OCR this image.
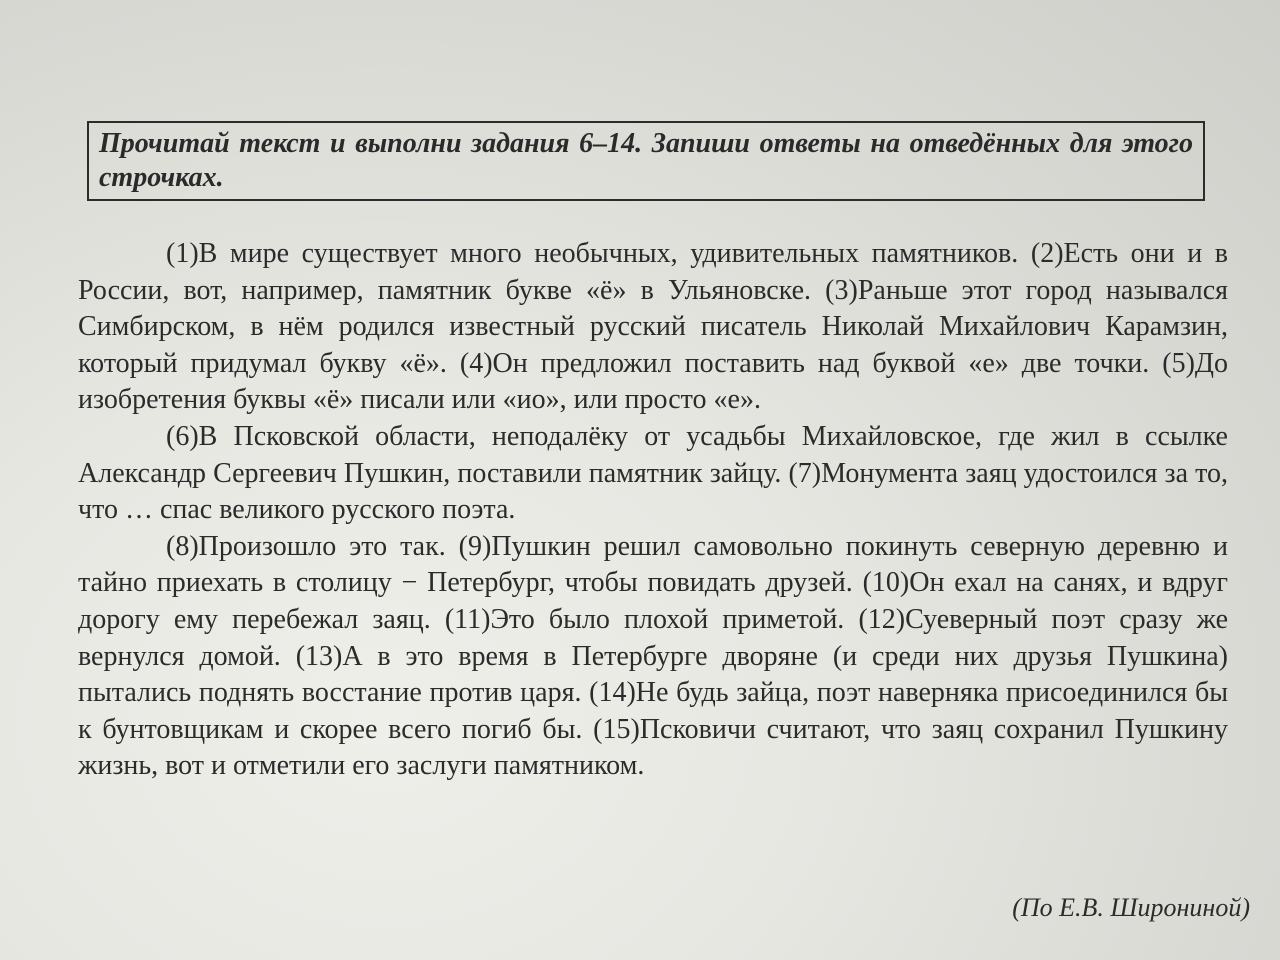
Прочитай текст и выполни задания 6–14. Запиши ответы на отведённых для этого строчках.

(1)В мире существует много необычных, удивительных памятников. (2)Есть они и в России, вот, например, памятник букве «ё» в Ульяновске. (3)Раньше этот город назывался Симбирском, в нём родился известный русский писатель Николай Михайлович Карамзин, который придумал букву «ё». (4)Он предложил поставить над буквой «е» две точки. (5)До изобретения буквы «ё» писали или «ио», или просто «е».

(6)В Псковской области, неподалёку от усадьбы Михайловское, где жил в ссылке Александр Сергеевич Пушкин, поставили памятник зайцу. (7)Монумента заяц удостоился за то, что … спас великого русского поэта.

(8)Произошло это так. (9)Пушкин решил самовольно покинуть северную деревню и тайно приехать в столицу − Петербург, чтобы повидать друзей. (10)Он ехал на санях, и вдруг дорогу ему перебежал заяц. (11)Это было плохой приметой. (12)Суеверный поэт сразу же вернулся домой. (13)А в это время в Петербурге дворяне (и среди них друзья Пушкина) пытались поднять восстание против царя. (14)Не будь зайца, поэт наверняка присоединился бы к бунтовщикам и скорее всего погиб бы. (15)Псковичи считают, что заяц сохранил Пушкину жизнь, вот и отметили его заслуги памятником.

(По Е.В. Широниной)
